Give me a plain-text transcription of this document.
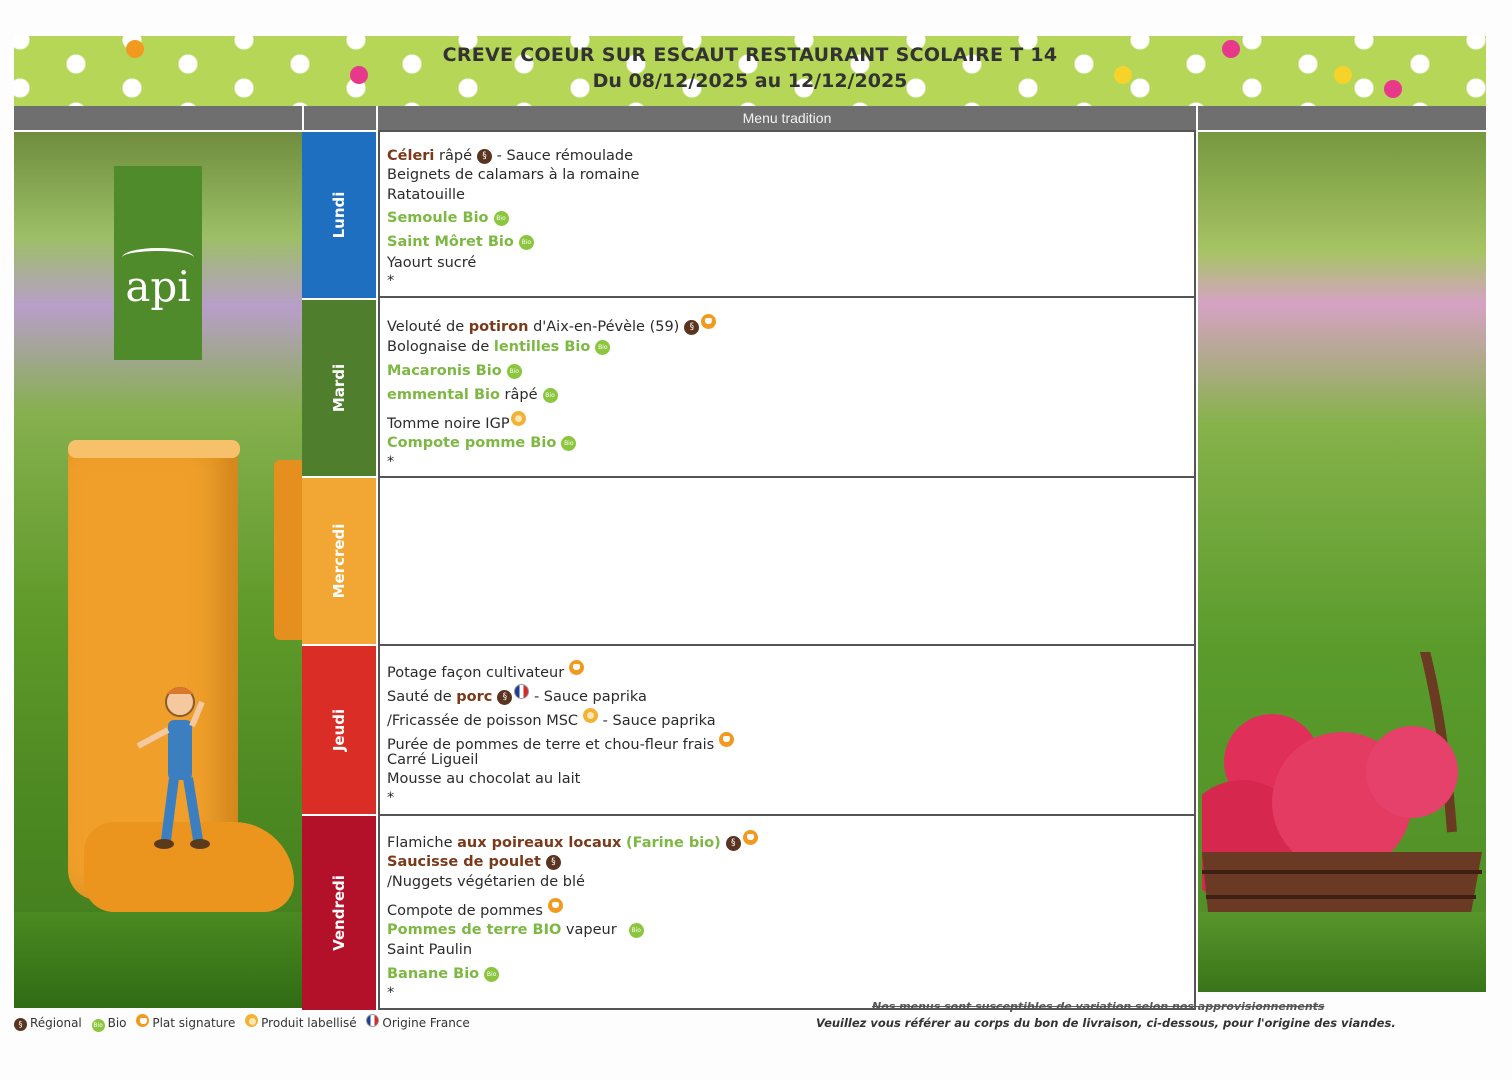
CREVE COEUR SUR ESCAUT RESTAURANT SCOLAIRE T 14
Du 08/12/2025 au 12/12/2025
Menu tradition
api
Lundi
Mardi
Mercredi
Jeudi
Vendredi
Céleri râpé § - Sauce rémoulade
Beignets de calamars à la romaine
Ratatouille
Semoule Bio Bio
Saint Môret Bio Bio
Yaourt sucré
*
Velouté de potiron d'Aix-en-Pévèle (59) §
Bolognaise de lentilles Bio Bio
Macaronis Bio Bio
emmental Bio râpé Bio
Tomme noire IGP
Compote pomme Bio Bio
*
Potage façon cultivateur
Sauté de porc § - Sauce paprika
/Fricassée de poisson MSC - Sauce paprika
Purée de pommes de terre et chou-fleur frais
Carré Ligueil
Mousse au chocolat au lait
*
Flamiche aux poireaux locaux (Farine bio) §
Saucisse de poulet §
/Nuggets végétarien de blé
Compote de pommes
Pommes de terre BIO vapeur Bio
Saint Paulin
Banane Bio Bio
*
§ Régional Bio Bio Plat signature Produit labellisé Origine France
Nos menus sont susceptibles de variation selon nos approvisionnements
Veuillez vous référer au corps du bon de livraison, ci-dessous, pour l'origine des viandes.
